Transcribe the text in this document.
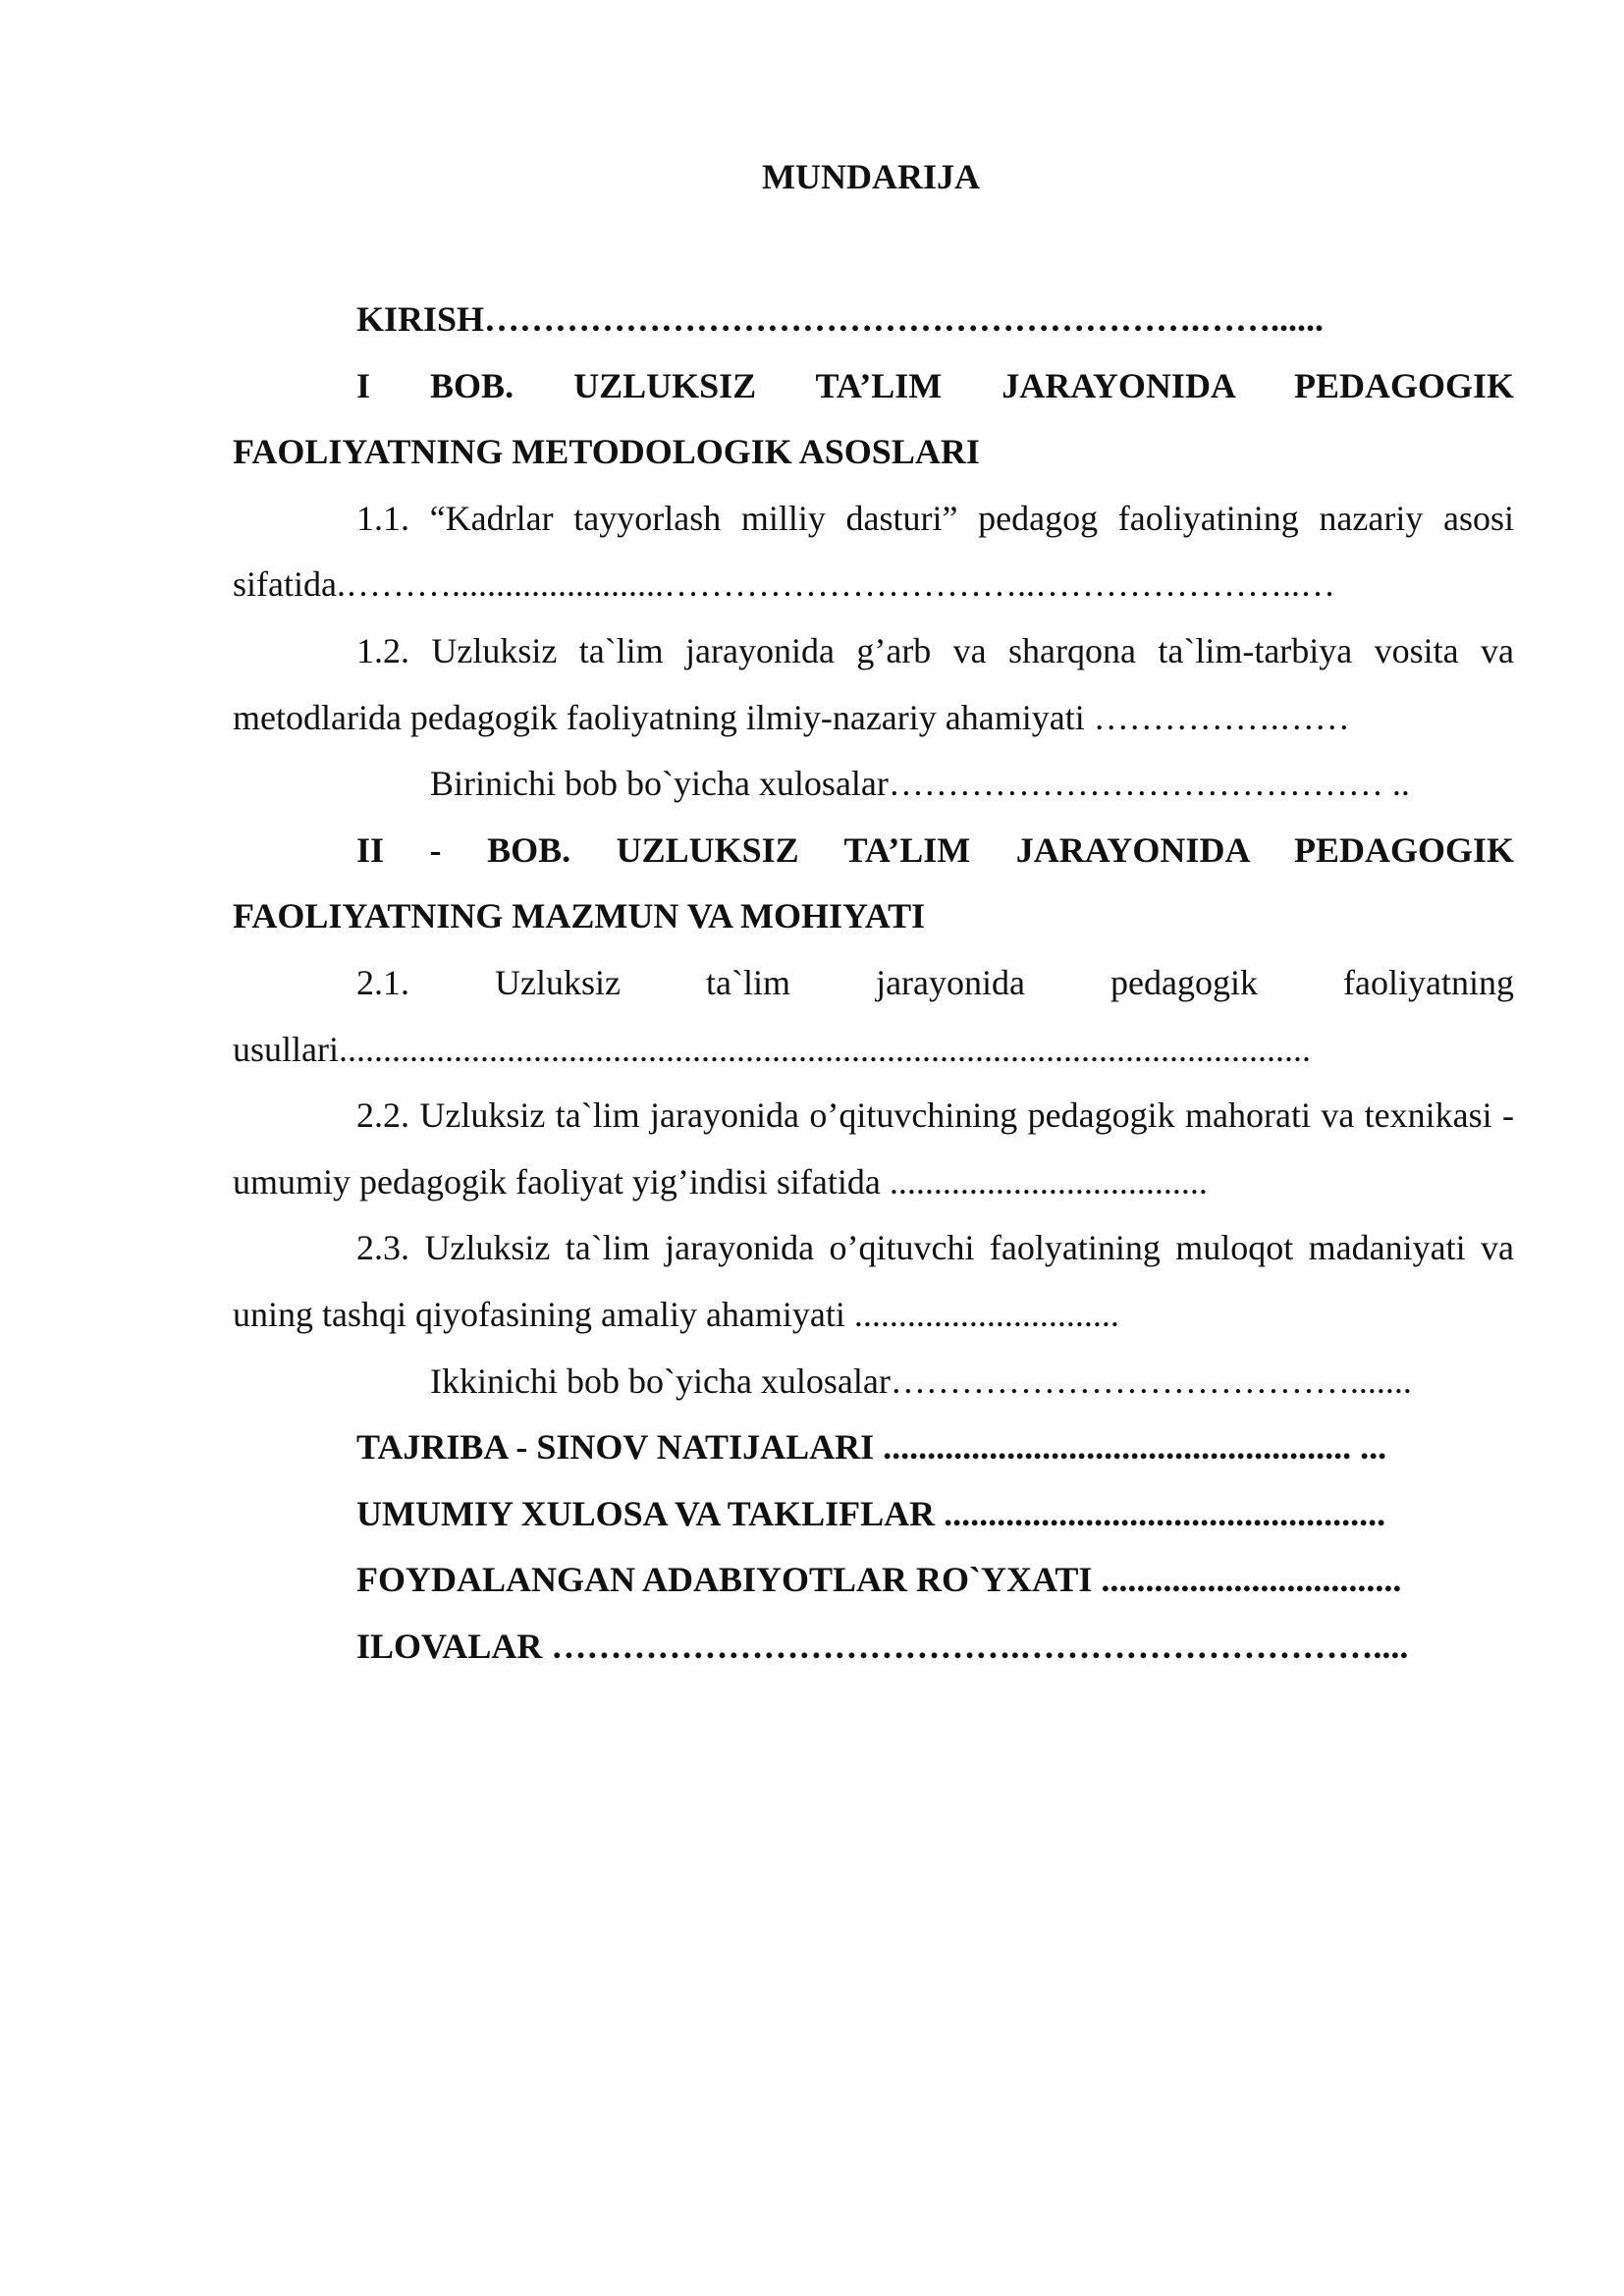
MUNDARIJA

KIRISH…………………………………………………….……......

I BOB. UZLUKSIZ TA’LIM JARAYONIDA PEDAGOGIK FAOLIYATNING METODOLOGIK ASOSLARI

1.1. “Kadrlar tayyorlash milliy dasturi” pedagog faoliyatining nazariy asosi sifatida.………........................…………………………..…………………..…

1.2. Uzluksiz ta`lim jarayonida g’arb va sharqona ta`lim-tarbiya vosita va metodlarida pedagogik faoliyatning ilmiy-nazariy ahamiyati …………….……

Birinichi bob bo`yicha xulosalar…………………………………… ..

II - BOB. UZLUKSIZ TA’LIM JARAYONIDA PEDAGOGIK FAOLIYATNING MAZMUN VA MOHIYATI

2.1. Uzluksiz ta`lim jarayonida pedagogik faoliyatning usullari..............................................................................................................

2.2. Uzluksiz ta`lim jarayonida o’qituvchining pedagogik mahorati va texnikasi - umumiy pedagogik faoliyat yig’indisi sifatida ....................................

2.3. Uzluksiz ta`lim jarayonida o’qituvchi faolyatining muloqot madaniyati va uning tashqi qiyofasining amaliy ahamiyati ..............................

Ikkinichi bob bo`yicha xulosalar………………………………….......

TAJRIBA - SINOV NATIJALARI ..................................................... ...

UMUMIY XULOSA VA TAKLIFLAR ..................................................

FOYDALANGAN ADABIYOTLAR RO`YXATI ..................................

ILOVALAR ………………………………….…………………………....
